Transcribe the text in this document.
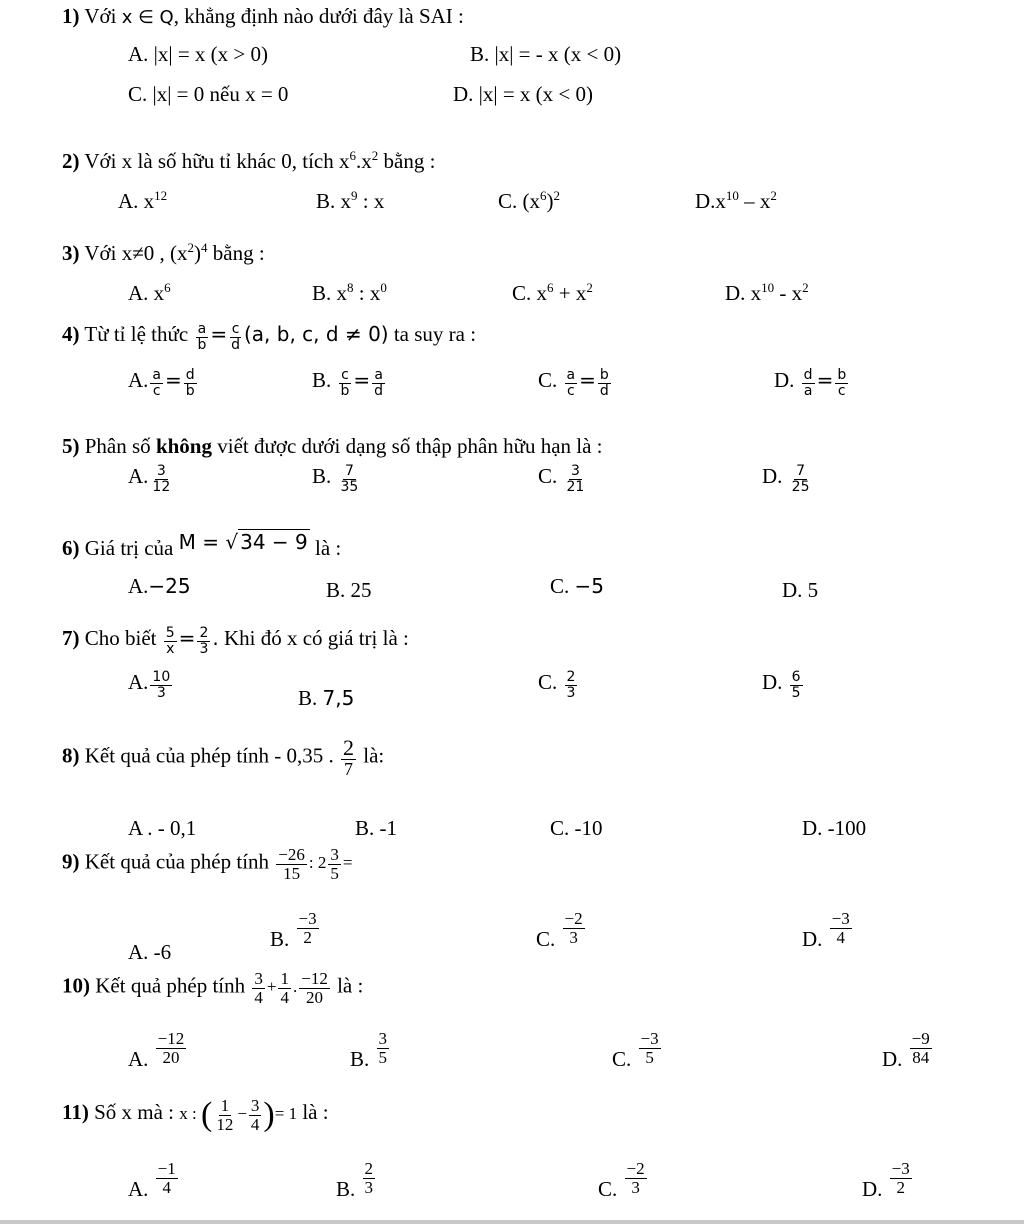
1) Với x ∈ Q, khẳng định nào dưới đây là SAI :
A. |x| = x (x > 0)	B. |x| = - x (x < 0)
C. |x| = 0 nếu x = 0	D. |x| = x (x < 0)
2) Với x là số hữu tỉ khác 0, tích $x^6.x^2$ bằng :
A. $x^{12}$	B. $x^9$ : x	C. $(x^6)^2$	$D.x^{10} - x^2$
3) Với x≠0 , $(x^2)^4$ bằng :
A. $x^6$	B. $x^8$ : $x^0$	C. $x^6 + x^2$	D. $x^{10} - x^2$
4) Từ tỉ lệ thức $\frac{a}{b} = \frac{c}{d} (a$, b, c, d ≠ 0) ta suy ra :
A. $\frac{a}{c} = \frac{d}{b}$	B. $\frac{c}{b} = \frac{a}{d}$	C. $\frac{a}{c} = \frac{b}{d}$	D. $\frac{d}{a} = \frac{b}{c}$
5) Phân số không viết được dưới dạng số thập phân hữu hạn là :
A. $\frac{3}{12}$	B. $\frac{7}{35}$	C. $\frac{3}{21}$	D. $\frac{7}{25}$
6) Giá trị của M = √ 34 − 9 là :
A.−25	B. 25	C. −5	D. 5
7) Cho biết $\frac{5}{x} = \frac{2}{3}$ . Khi đó x có giá trị là :
A. $\frac{10}{3}$	B. 7,5
C. $\frac{2}{3}$	D. $\frac{6}{5}$
8) Kết quả của phép tính - 0,35 . $\frac{2}{7}$ là:
A . - 0,1	B. -1	C. -10	D. -100
9) Kết quả của phép tính $\frac{-26}{15}$ : $2 \frac{3}{5}$ =
A. -6
B. $\frac{-3}{2}$	C. $\frac{-2}{3}$	D. $\frac{-3}{4}$
10) Kết quả phép tính $\frac{3}{4} + \frac{1}{4}$ . $\frac{-12}{20}$ là :
A. $\frac{-12}{20}$	B. $\frac{3}{5}$	C. $\frac{-3}{5}$	D. $\frac{-9}{84}$
11) Số x mà : x : ( $\frac{1}{12} - \frac{3}{4}$ )= 1 là :
A. $\frac{-1}{4}$	B. $\frac{2}{3}$	C. $\frac{-2}{3}$	D. $\frac{-3}{2}$
